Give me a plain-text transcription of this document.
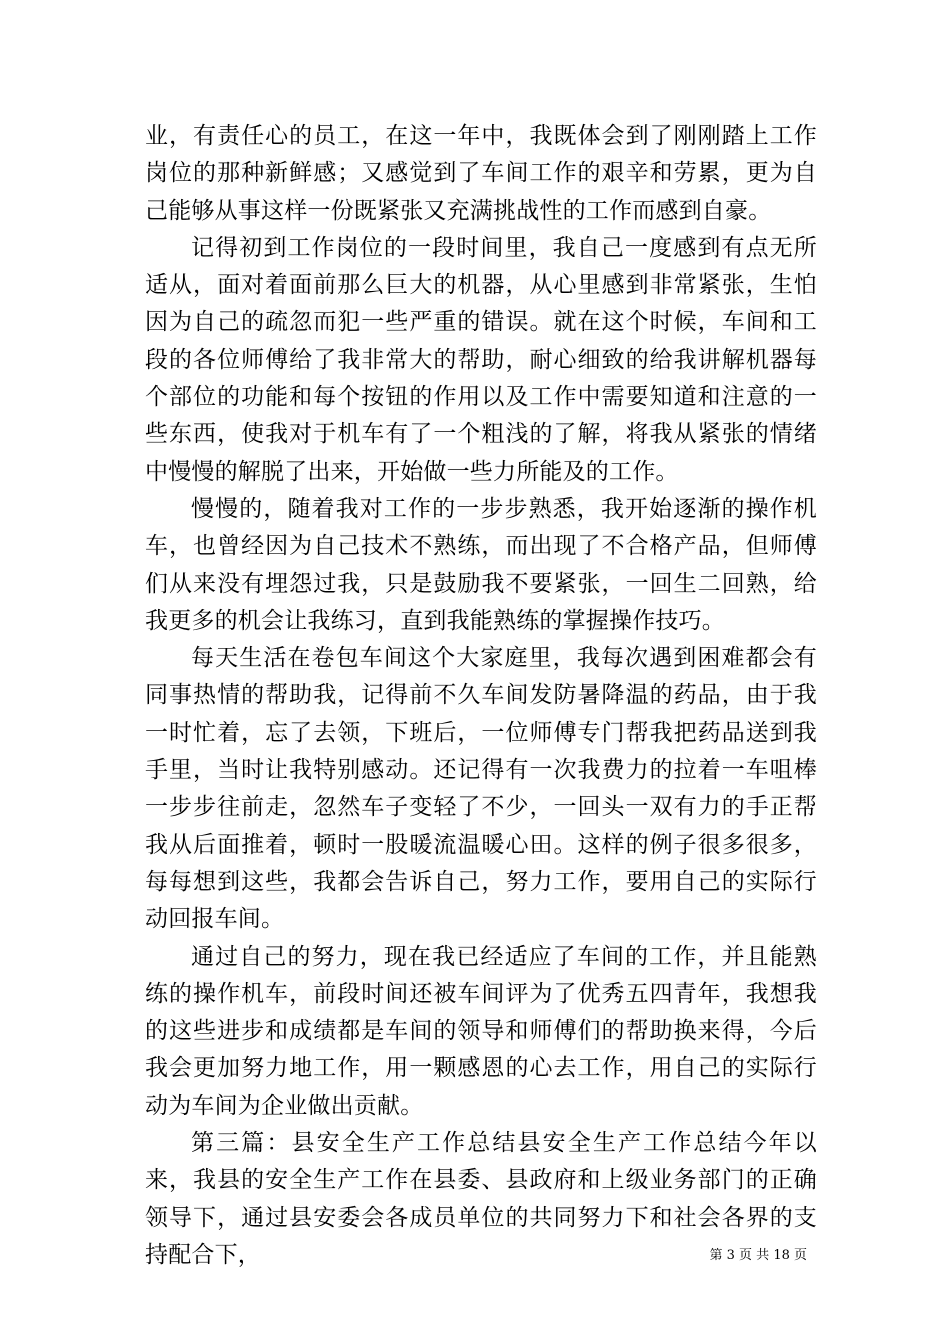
业，有责任心的员工，在这一年中，我既体会到了刚刚踏上工作岗位的那种新鲜感；又感觉到了车间工作的艰辛和劳累，更为自己能够从事这样一份既紧张又充满挑战性的工作而感到自豪。

记得初到工作岗位的一段时间里，我自己一度感到有点无所适从，面对着面前那么巨大的机器，从心里感到非常紧张，生怕因为自己的疏忽而犯一些严重的错误。就在这个时候，车间和工段的各位师傅给了我非常大的帮助，耐心细致的给我讲解机器每个部位的功能和每个按钮的作用以及工作中需要知道和注意的一些东西，使我对于机车有了一个粗浅的了解，将我从紧张的情绪中慢慢的解脱了出来，开始做一些力所能及的工作。

慢慢的，随着我对工作的一步步熟悉，我开始逐渐的操作机车，也曾经因为自己技术不熟练，而出现了不合格产品，但师傅们从来没有埋怨过我，只是鼓励我不要紧张，一回生二回熟，给我更多的机会让我练习，直到我能熟练的掌握操作技巧。

每天生活在卷包车间这个大家庭里，我每次遇到困难都会有同事热情的帮助我，记得前不久车间发防暑降温的药品，由于我一时忙着，忘了去领，下班后，一位师傅专门帮我把药品送到我手里，当时让我特别感动。还记得有一次我费力的拉着一车咀棒一步步往前走，忽然车子变轻了不少，一回头一双有力的手正帮我从后面推着，顿时一股暖流温暖心田。这样的例子很多很多，每每想到这些，我都会告诉自己，努力工作，要用自己的实际行动回报车间。

通过自己的努力，现在我已经适应了车间的工作，并且能熟练的操作机车，前段时间还被车间评为了优秀五四青年，我想我的这些进步和成绩都是车间的领导和师傅们的帮助换来得，今后我会更加努力地工作，用一颗感恩的心去工作，用自己的实际行动为车间为企业做出贡献。

第三篇：县安全生产工作总结县安全生产工作总结今年以来，我县的安全生产工作在县委、县政府和上级业务部门的正确领导下，通过县安委会各成员单位的共同努力下和社会各界的支持配合下，	第 3 页 共 18 页
